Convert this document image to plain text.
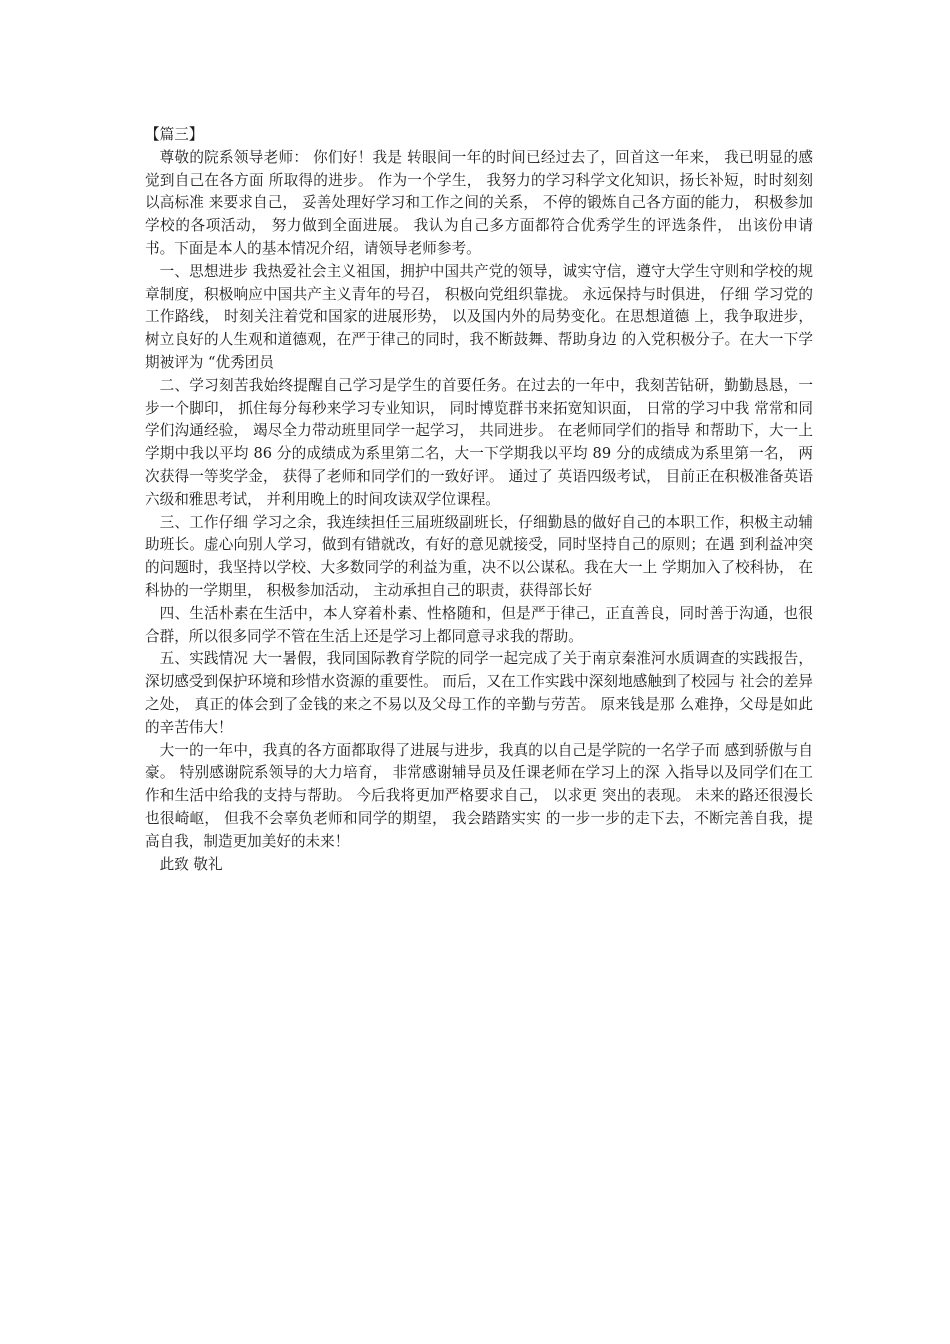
【篇三】

尊敬的院系领导老师： 你们好！我是 转眼间一年的时间已经过去了，回首这一年来， 我已明显的感觉到自己在各方面 所取得的进步。 作为一个学生， 我努力的学习科学文化知识，扬长补短，时时刻刻以高标准 来要求自己， 妥善处理好学习和工作之间的关系， 不停的锻炼自己各方面的能力， 积极参加 学校的各项活动， 努力做到全面进展。 我认为自己多方面都符合优秀学生的评选条件， 出该份申请书。下面是本人的基本情况介绍，请领导老师参考。

一、思想进步 我热爱社会主义祖国，拥护中国共产党的领导，诚实守信，遵守大学生守则和学校的规 章制度，积极响应中国共产主义青年的号召， 积极向党组织靠拢。 永远保持与时俱进， 仔细 学习党的工作路线， 时刻关注着党和国家的进展形势， 以及国内外的局势变化。在思想道德 上，我争取进步，树立良好的人生观和道德观，在严于律己的同时，我不断鼓舞、帮助身边 的入党积极分子。在大一下学期被评为 “优秀团员

二、学习刻苦我始终提醒自己学习是学生的首要任务。在过去的一年中，我刻苦钻研，勤勤恳恳，一 步一个脚印， 抓住每分每秒来学习专业知识， 同时博览群书来拓宽知识面， 日常的学习中我 常常和同学们沟通经验， 竭尽全力带动班里同学一起学习， 共同进步。 在老师同学们的指导 和帮助下，大一上学期中我以平均 86 分的成绩成为系里第二名，大一下学期我以平均 89 分的成绩成为系里第一名， 两次获得一等奖学金， 获得了老师和同学们的一致好评。 通过了 英语四级考试， 目前正在积极准备英语六级和雅思考试， 并利用晚上的时间攻读双学位课程。

三、工作仔细 学习之余，我连续担任三届班级副班长，仔细勤恳的做好自己的本职工作，积极主动辅 助班长。虚心向别人学习，做到有错就改，有好的意见就接受，同时坚持自己的原则；在遇 到利益冲突的问题时，我坚持以学校、大多数同学的利益为重，决不以公谋私。我在大一上 学期加入了校科协， 在科协的一学期里， 积极参加活动， 主动承担自己的职责，获得部长好

四、生活朴素在生活中，本人穿着朴素、性格随和，但是严于律己，正直善良，同时善于沟通，也很 合群，所以很多同学不管在生活上还是学习上都同意寻求我的帮助。

五、实践情况 大一暑假，我同国际教育学院的同学一起完成了关于南京秦淮河水质调查的实践报告， 深切感受到保护环境和珍惜水资源的重要性。 而后，又在工作实践中深刻地感触到了校园与 社会的差异之处， 真正的体会到了金钱的来之不易以及父母工作的辛勤与劳苦。 原来钱是那 么难挣，父母是如此的辛苦伟大！

大一的一年中，我真的各方面都取得了进展与进步，我真的以自己是学院的一名学子而 感到骄傲与自豪。 特别感谢院系领导的大力培育， 非常感谢辅导员及任课老师在学习上的深 入指导以及同学们在工作和生活中给我的支持与帮助。 今后我将更加严格要求自己， 以求更 突出的表现。 未来的路还很漫长也很崎岖， 但我不会辜负老师和同学的期望， 我会踏踏实实 的一步一步的走下去，不断完善自我，提高自我，制造更加美好的未来！

此致 敬礼
